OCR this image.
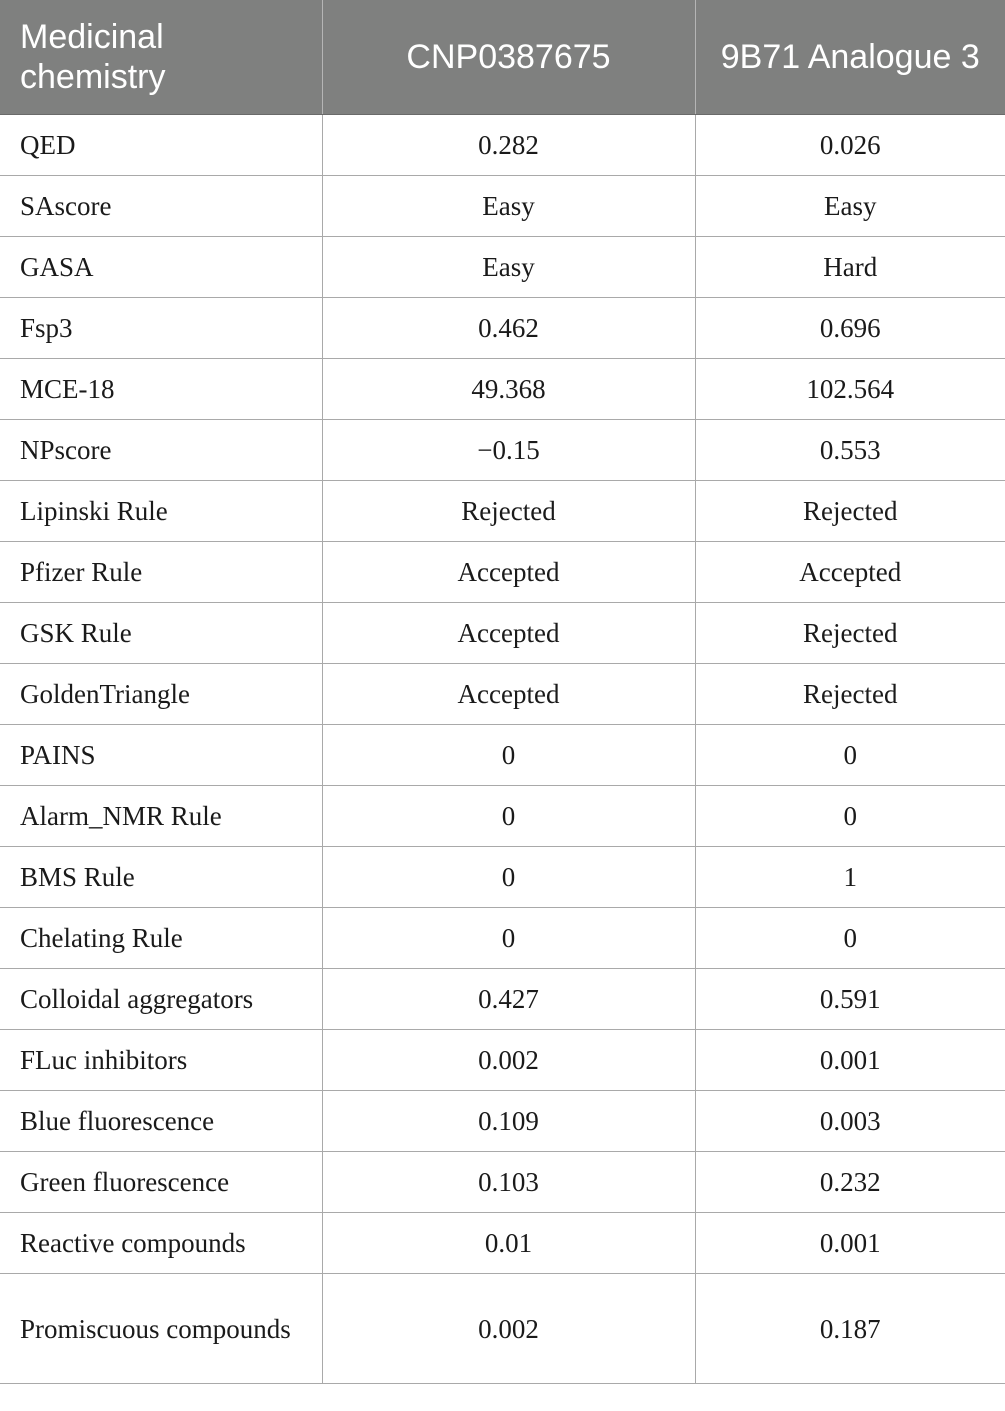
Medicinal chemistry	CNP0387675	9B71 Analogue 3
QED	0.282	0.026
SAscore	Easy	Easy
GASA	Easy	Hard
Fsp3	0.462	0.696
MCE-18	49.368	102.564
NPscore	−0.15	0.553
Lipinski Rule	Rejected	Rejected
Pfizer Rule	Accepted	Accepted
GSK Rule	Accepted	Rejected
GoldenTriangle	Accepted	Rejected
PAINS	0	0
Alarm_NMR Rule	0	0
BMS Rule	0	1
Chelating Rule	0	0
Colloidal aggregators	0.427	0.591
FLuc inhibitors	0.002	0.001
Blue fluorescence	0.109	0.003
Green fluorescence	0.103	0.232
Reactive compounds	0.01	0.001
Promiscuous compounds	0.002	0.187
